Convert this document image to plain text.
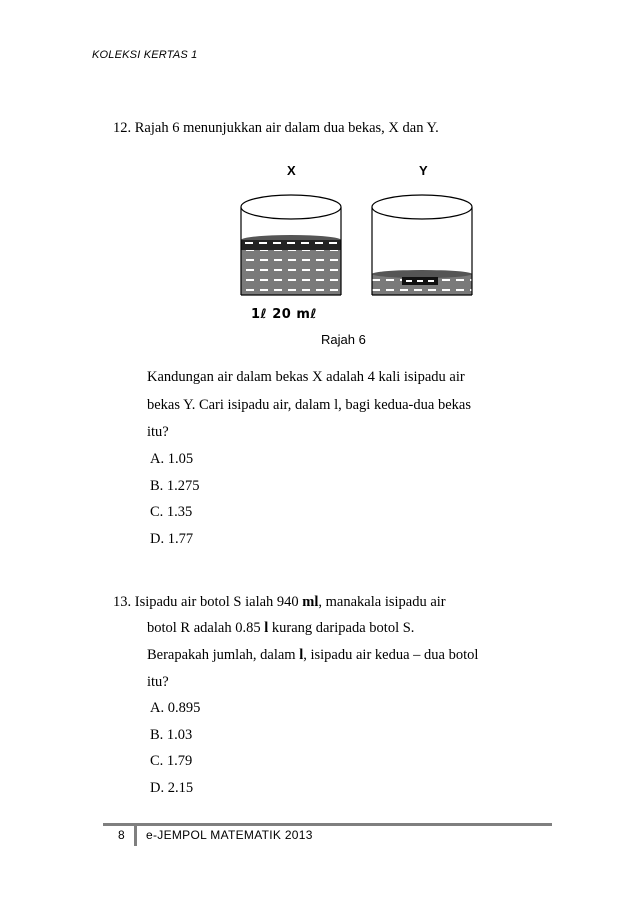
KOLEKSI KERTAS 1
12. Rajah 6 menunjukkan air dalam dua bekas, X dan Y.
X	Y
1ℓ 20 mℓ
Rajah 6
Kandungan air dalam bekas X adalah 4 kali isipadu air
bekas Y. Cari isipadu air, dalam l, bagi kedua-dua bekas
itu?
A. 1.05
B. 1.275
C. 1.35
D. 1.77
13. Isipadu air botol S ialah 940 ml, manakala isipadu air
botol R adalah 0.85 l kurang daripada botol S.
Berapakah jumlah, dalam l, isipadu air kedua – dua botol
itu?
A. 0.895
B. 1.03
C. 1.79
D. 2.15
8 e-JEMPOL MATEMATIK 2013
